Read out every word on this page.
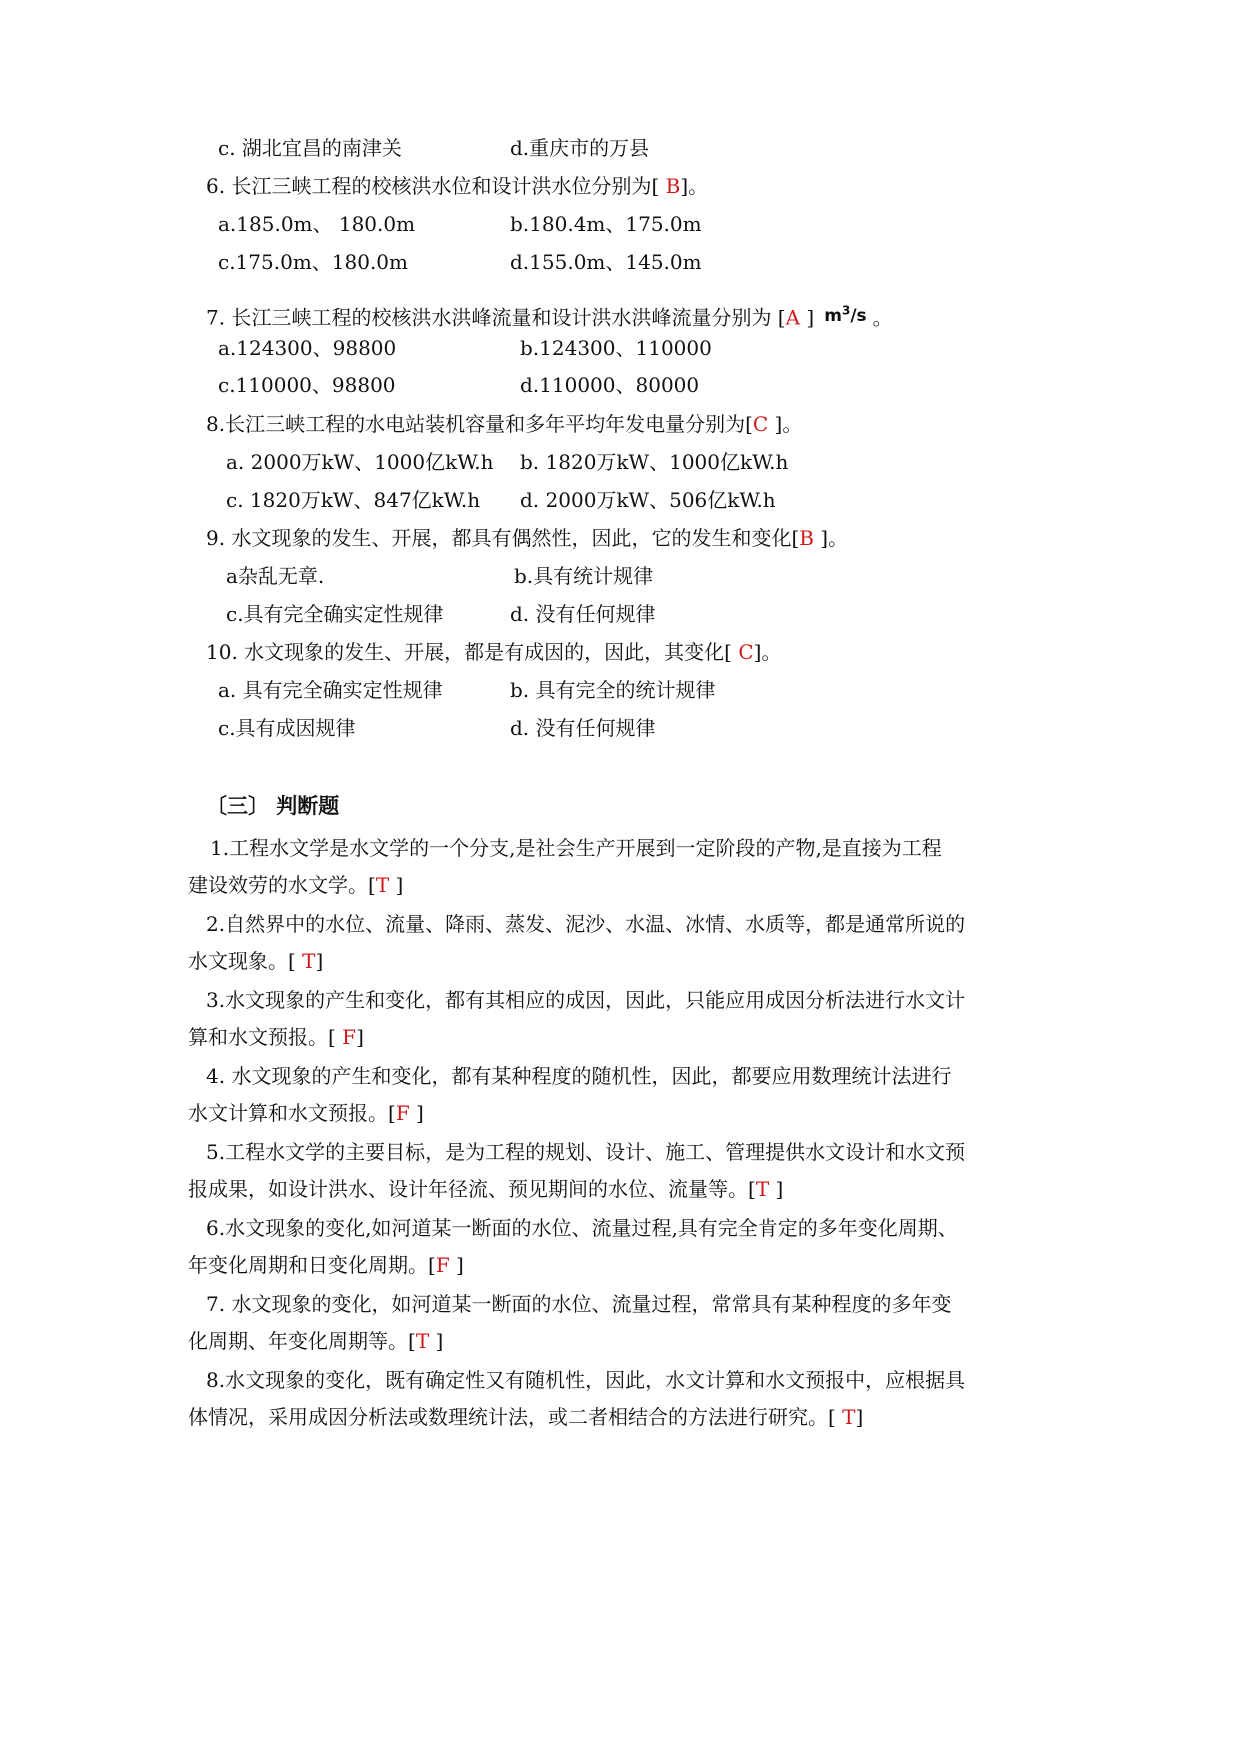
c. 湖北宜昌的南津关	d.重庆市的万县
6. 长江三峡工程的校核洪水位和设计洪水位分别为[ B]。
a.185.0m、 180.0m	b.180.4m、175.0m
c.175.0m、180.0m	d.155.0m、145.0m
7. 长江三峡工程的校核洪水洪峰流量和设计洪水洪峰流量分别为 [A ] $^{m^3/s}$ 。
a.124300、98800	b.124300、110000
c.110000、98800	d.110000、80000
8.长江三峡工程的水电站装机容量和多年平均年发电量分别为[C ]。
a. 2000万kW、1000亿kW.h b. 1820万kW、1000亿kW.h
c. 1820万kW、847亿kW.h d. 2000万kW、506亿kW.h
9. 水文现象的发生、开展，都具有偶然性，因此，它的发生和变化[B ]。
a杂乱无章.	b.具有统计规律
c.具有完全确实定性规律	d. 没有任何规律
10. 水文现象的发生、开展，都是有成因的，因此，其变化[ C]。
a. 具有完全确实定性规律	b. 具有完全的统计规律
c.具有成因规律	d. 没有任何规律
〔三〕 判断题
1.工程水文学是水文学的一个分支,是社会生产开展到一定阶段的产物,是直接为工程
建设效劳的水文学。[T ]
2.自然界中的水位、流量、降雨、蒸发、泥沙、水温、冰情、水质等，都是通常所说的
水文现象。[ T]
3.水文现象的产生和变化，都有其相应的成因，因此，只能应用成因分析法进行水文计
算和水文预报。[ F]
4. 水文现象的产生和变化，都有某种程度的随机性，因此，都要应用数理统计法进行
水文计算和水文预报。[F ]
5.工程水文学的主要目标，是为工程的规划、设计、施工、管理提供水文设计和水文预
报成果，如设计洪水、设计年径流、预见期间的水位、流量等。[T ]
6.水文现象的变化,如河道某一断面的水位、流量过程,具有完全肯定的多年变化周期、
年变化周期和日变化周期。[F ]
7. 水文现象的变化，如河道某一断面的水位、流量过程，常常具有某种程度的多年变
化周期、年变化周期等。[T ]
8.水文现象的变化，既有确定性又有随机性，因此，水文计算和水文预报中，应根据具
体情况，采用成因分析法或数理统计法，或二者相结合的方法进行研究。[ T]
